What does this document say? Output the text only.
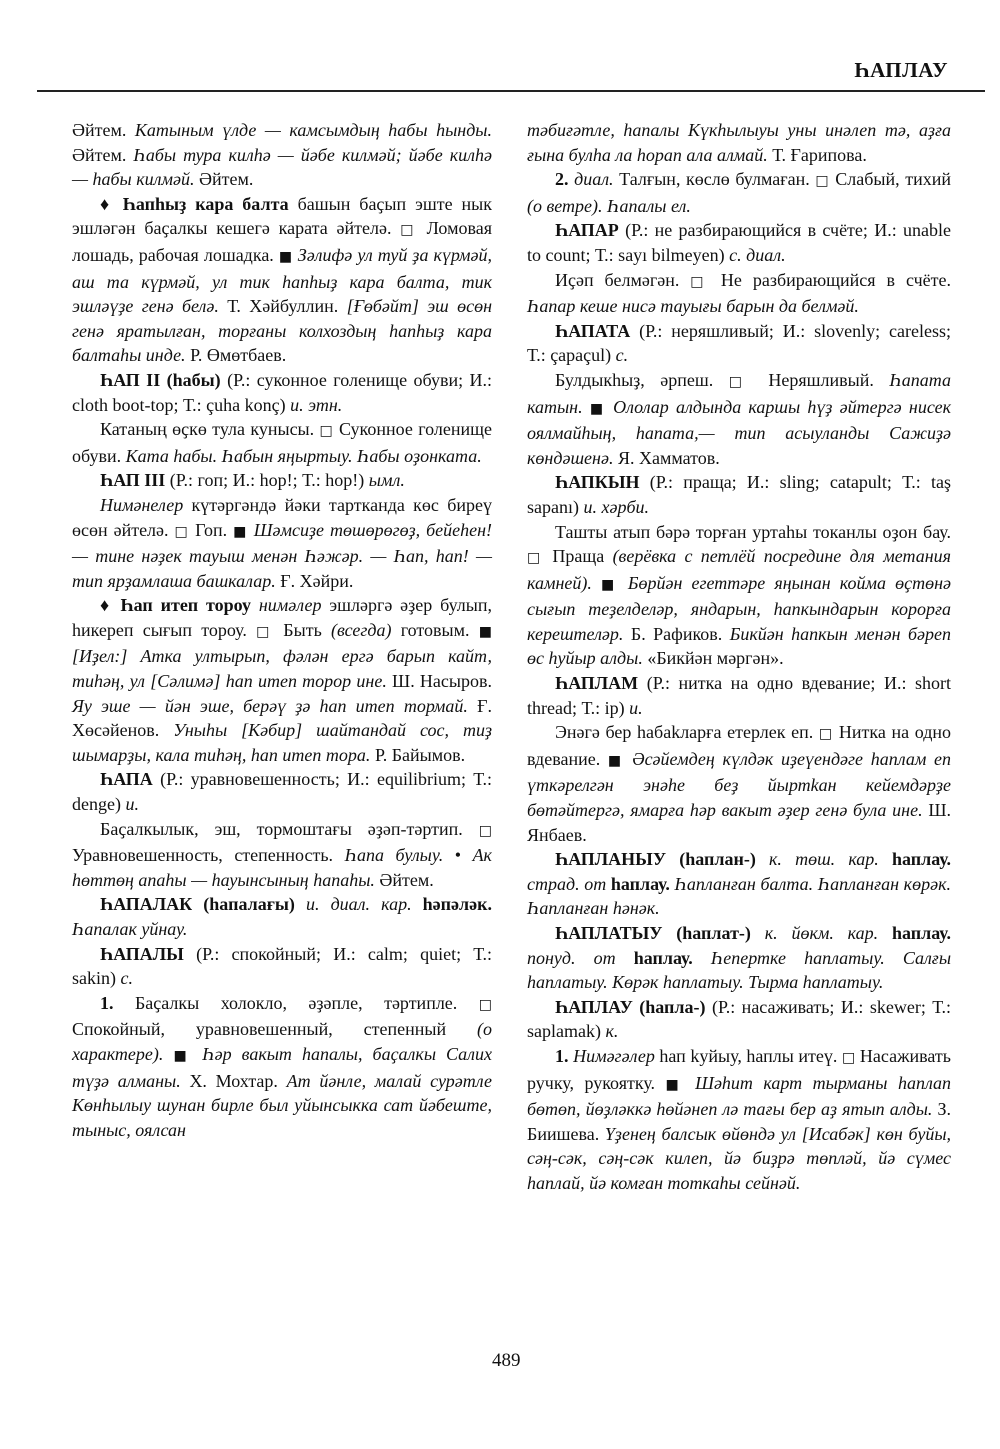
ҺАПЛАУ

Әйтем. Катыным үлде — камсымдың һабы һынды. Әйтем. Һабы тура килһә — йәбе килмәй; йәбе килһә — һабы килмәй. Әйтем.

♦ Һапһыҙ кара балта башын баҫып эште нык эшләгән баҫалкы кешегә карата әйтелә. □ Ломовая лошадь, рабочая лошадка. ■ Зәлифә ул туй ҙа күрмәй, аш та күрмәй, ул тик һапһыҙ кара балта, тик эшләүҙе генә белә. Т. Хәйбуллин. [Ғөбәйт] эш өсөн генә яратылған, торғаны колхоздың һапһыҙ кара балтаһы инде. Р. Өмөтбаев.

ҺАП II (һабы) (Р.: суконное голенище обуви; И.: cloth boot-top; Т.: çuha konç) и. этн.

Катаның өҫкө тула кунысы. □ Суконное голенище обуви. Kата һабы. Һабын яңыртыу. Һабы оҙонката.

ҺАП III (Р.: гоп; И.: hop!; Т.: hop!) ымл.

Нимәнелер күтәргәндә йәки тартканда көс биреү өсөн әйтелә. □ Гоп. ■ Шәмсиҙе төшөрөгөҙ, бейеһен! — тине нәҙек тауыш менән Һәжәр. — Һап, һап! — тип ярҙамлаша башкалар. Ғ. Хәйри.

♦ Һап итеп тороу нимәлер эшләргә әҙер булып, һикереп сығып тороу. □ Быть (всегда) готовым. ■ [Иҙел:] Атка ултырып, фәлән ергә барып кайт, тиһәң, ул [Сәлимә] һап итеп торор ине. Ш. Насыров. Яу эше — йән эше, берәү ҙә һап итеп тормай. Ғ. Хөсәйенов. Уныһы [Кәбир] шайтандай сос, тиҙ шымарҙы, кала тиһәң, һап итеп тора. Р. Байымов.

ҺАПА (Р.: уравновешенность; И.: equilibrium; Т.: denge) и.

Баҫалкылык, эш, тормоштағы әҙәп-тәртип. □ Уравновешенность, степенность. Һапа булыу. • Ак һөттөң апаһы — һауынсының һапаһы. Әйтем.

ҺАПАЛАК (һапалағы) и. диал. кар. һәпәләк. Һапалак уйнау.

ҺАПАЛЫ (Р.: спокойный; И.: calm; quiet; Т.: sakin) с.

1. Баҫалкы холокло, әҙәпле, тәртипле. □ Спокойный, уравновешенный, степенный (о характере). ■ Һәр вакыт һапалы, баҫалкы Салих түҙә алманы. Х. Мохтар. Ат йәнле, малай сурәтле Көнһылыу шунан бирле был уйынсыкка сат йәбеште, тыныс, оялсан

тәбиғәтле, һапалы Күкһылыуы уны инәлеп тә, аҙға ғына булһа ла һорап ала алмай. Т. Ғарипова.

2. диал. Талғын, көслө булмаған. □ Слабый, тихий (о ветре). Һапалы ел.

ҺАПАР (Р.: не разбирающийся в счёте; И.: unable to count; Т.: sayı bilmeyen) с. диал.

Иҫәп белмәгән. □ Не разбирающийся в счёте. Һапар кеше нисә тауығы барын да белмәй.

ҺАПАТА (Р.: неряшливый; И.: slovenly; careless; Т.: çapaçul) с.

Булдыкһыҙ, әрпеш. □ Неряшливый. Һапата катын. ■ Ололар алдында каршы һүҙ әйтергә нисек оялмайһың, һапата,— тип асыуланды Сажиҙә көндәшенә. Я. Хамматов.

ҺАПКЫН (Р.: праща; И.: sling; catapult; Т.: taş sapanı) и. хәрби.

Ташты атып бәрә торған уртаһы токанлы оҙон бау. □ Праща (верёвка с петлёй посредине для метания камней). ■ Бөрйән егеттәре яңынан койма өҫтөнә сығып теҙелделәр, яндарын, һапкындарын корорға керештеләр. Б. Рафиков. Бикйән һапкын менән бәреп өс һуйыр алды. «Бикйән мәргән».

ҺАПЛАМ (Р.: нитка на одно вдевание; И.: short thread; Т.: ip) и.

Энәгә бер һабаkларға етерлек еп. □ Нитка на одно вдевание. ■ Әсәйемдең күлдәк иҙеүендәге һаплам еп үткәрелгән энәһе беҙ йыртkан кейемдәрҙе бөтәйтергә, ямарға һәр вакыт әҙер генә була ине. Ш. Янбаев.

ҺАПЛАНЫУ (һаплан-) к. төш. кар. һаплау. страд. от һаплау. Һапланған балта. Һапланған көрәк. Һапланған һәнәк.

ҺАПЛАТЫУ (һаплат-) к. йөкм. кар. һаплау. понуд. от һаплау. Һепертке һаплатыу. Салғы һаплатыу. Көрәк һаплатыу. Тырма һаплатыу.

ҺАПЛАУ (һапла-) (Р.: насаживать; И.: skewer; Т.: saplamak) к.

1. Нимәгәлер һап kуйыу, һаплы итеү. □ Насаживать ручку, рукоятку. ■ Шәһит карт тырманы һаплап бөтөп, йөҙләккә һөйәнеп лә тағы бер аҙ ятып алды. З. Биишева. Үҙенең балсык өйөндә ул [Исабәк] көн буйы, сәң-сәк, сәң-сәк килеп, йә биҙрә төпләй, йә сүмес һаплай, йә комған тоткаһы сейнәй.

489
